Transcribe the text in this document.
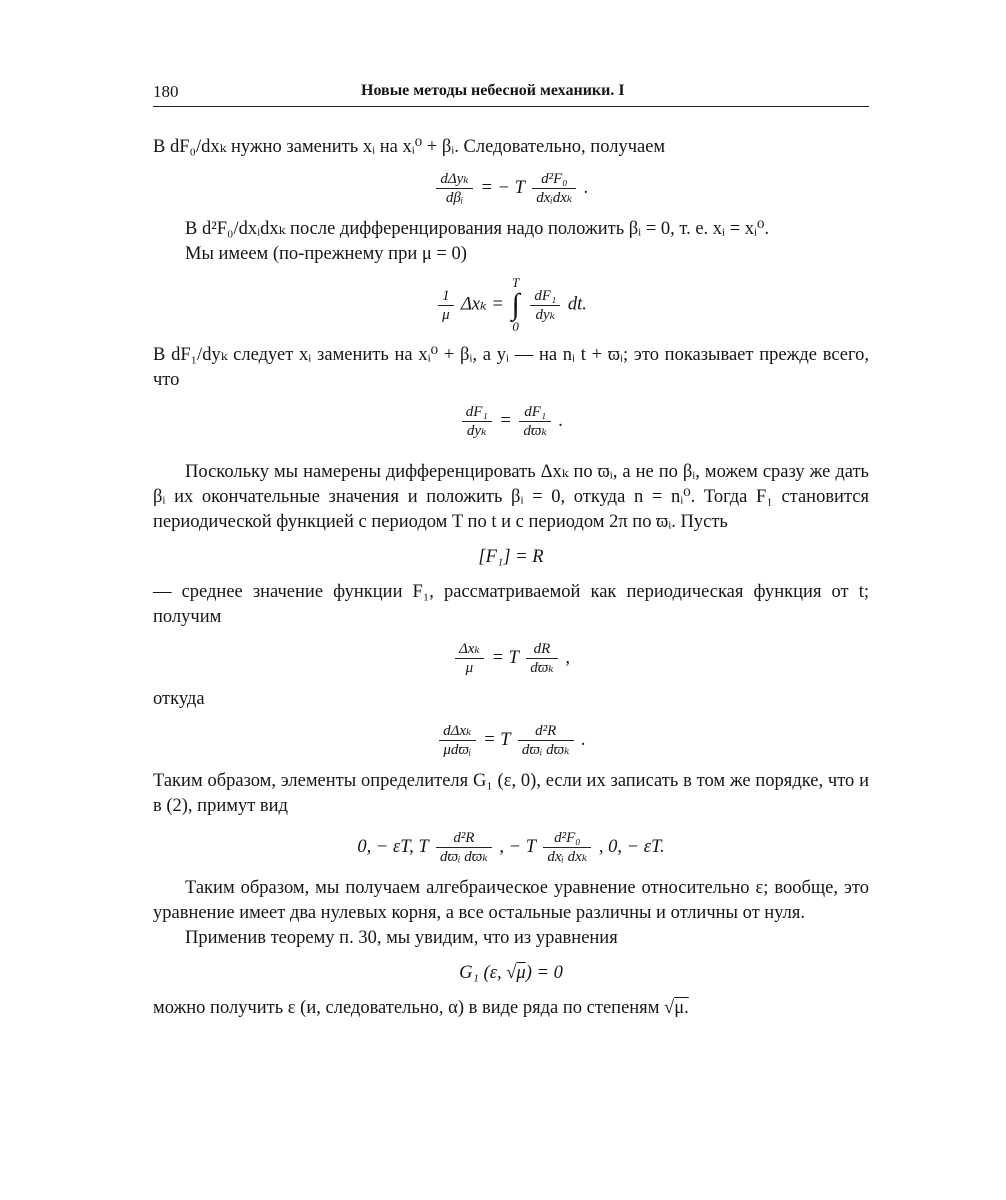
180	Новые методы небесной механики. I

В dF₀/dxₖ нужно заменить xᵢ на xᵢ⁰ + βᵢ. Следовательно, получаем

dΔyₖ
dβᵢ
= − T	d²F₀
dxᵢdxₖ
.

В d²F₀/dxᵢdxₖ после дифференцирования надо положить βᵢ = 0, т. е. xᵢ = xᵢ⁰.

Мы имеем (по-прежнему при μ = 0)

$\frac{1}{\mu}$ Δxₖ =
T
∫
0

dF₁
dyₖ
dt.

В dF₁/dyₖ следует xᵢ заменить на xᵢ⁰ + βᵢ, а yᵢ — на nᵢ t + ϖᵢ; это показывает прежде всего, что

dF₁
dyₖ
= dF₁
dϖₖ
.

Поскольку мы намерены дифференцировать Δxₖ по ϖᵢ, а не по βᵢ, можем сразу же дать βᵢ их окончательные значения и положить βᵢ = 0, откуда n = nᵢ⁰. Тогда F₁ становится периодической функцией с периодом T по t и с периодом 2π по ϖᵢ. Пусть

[F₁] = R

— среднее значение функции F₁, рассматриваемой как периодическая функция от t; получим

Δxₖ
μ
= T	dR
dϖₖ
,

откуда

dΔxₖ
μdϖᵢ
= T	d²R
dϖᵢ dϖₖ
.

Таким образом, элементы определителя G₁ (ε, 0), если их записать в том же порядке, что и в (2), примут вид

0, − εT, T	d²R
dϖᵢ dϖₖ
, − T	d²F₀
dxᵢ dxₖ
, 0, − εT.

Таким образом, мы получаем алгебраическое уравнение относительно ε; вообще, это уравнение имеет два нулевых корня, а все остальные различны и отличны от нуля.

Применив теорему п. 30, мы увидим, что из уравнения

G₁ (ε, √μ) = 0

можно получить ε (и, следовательно, α) в виде ряда по степеням √μ.
